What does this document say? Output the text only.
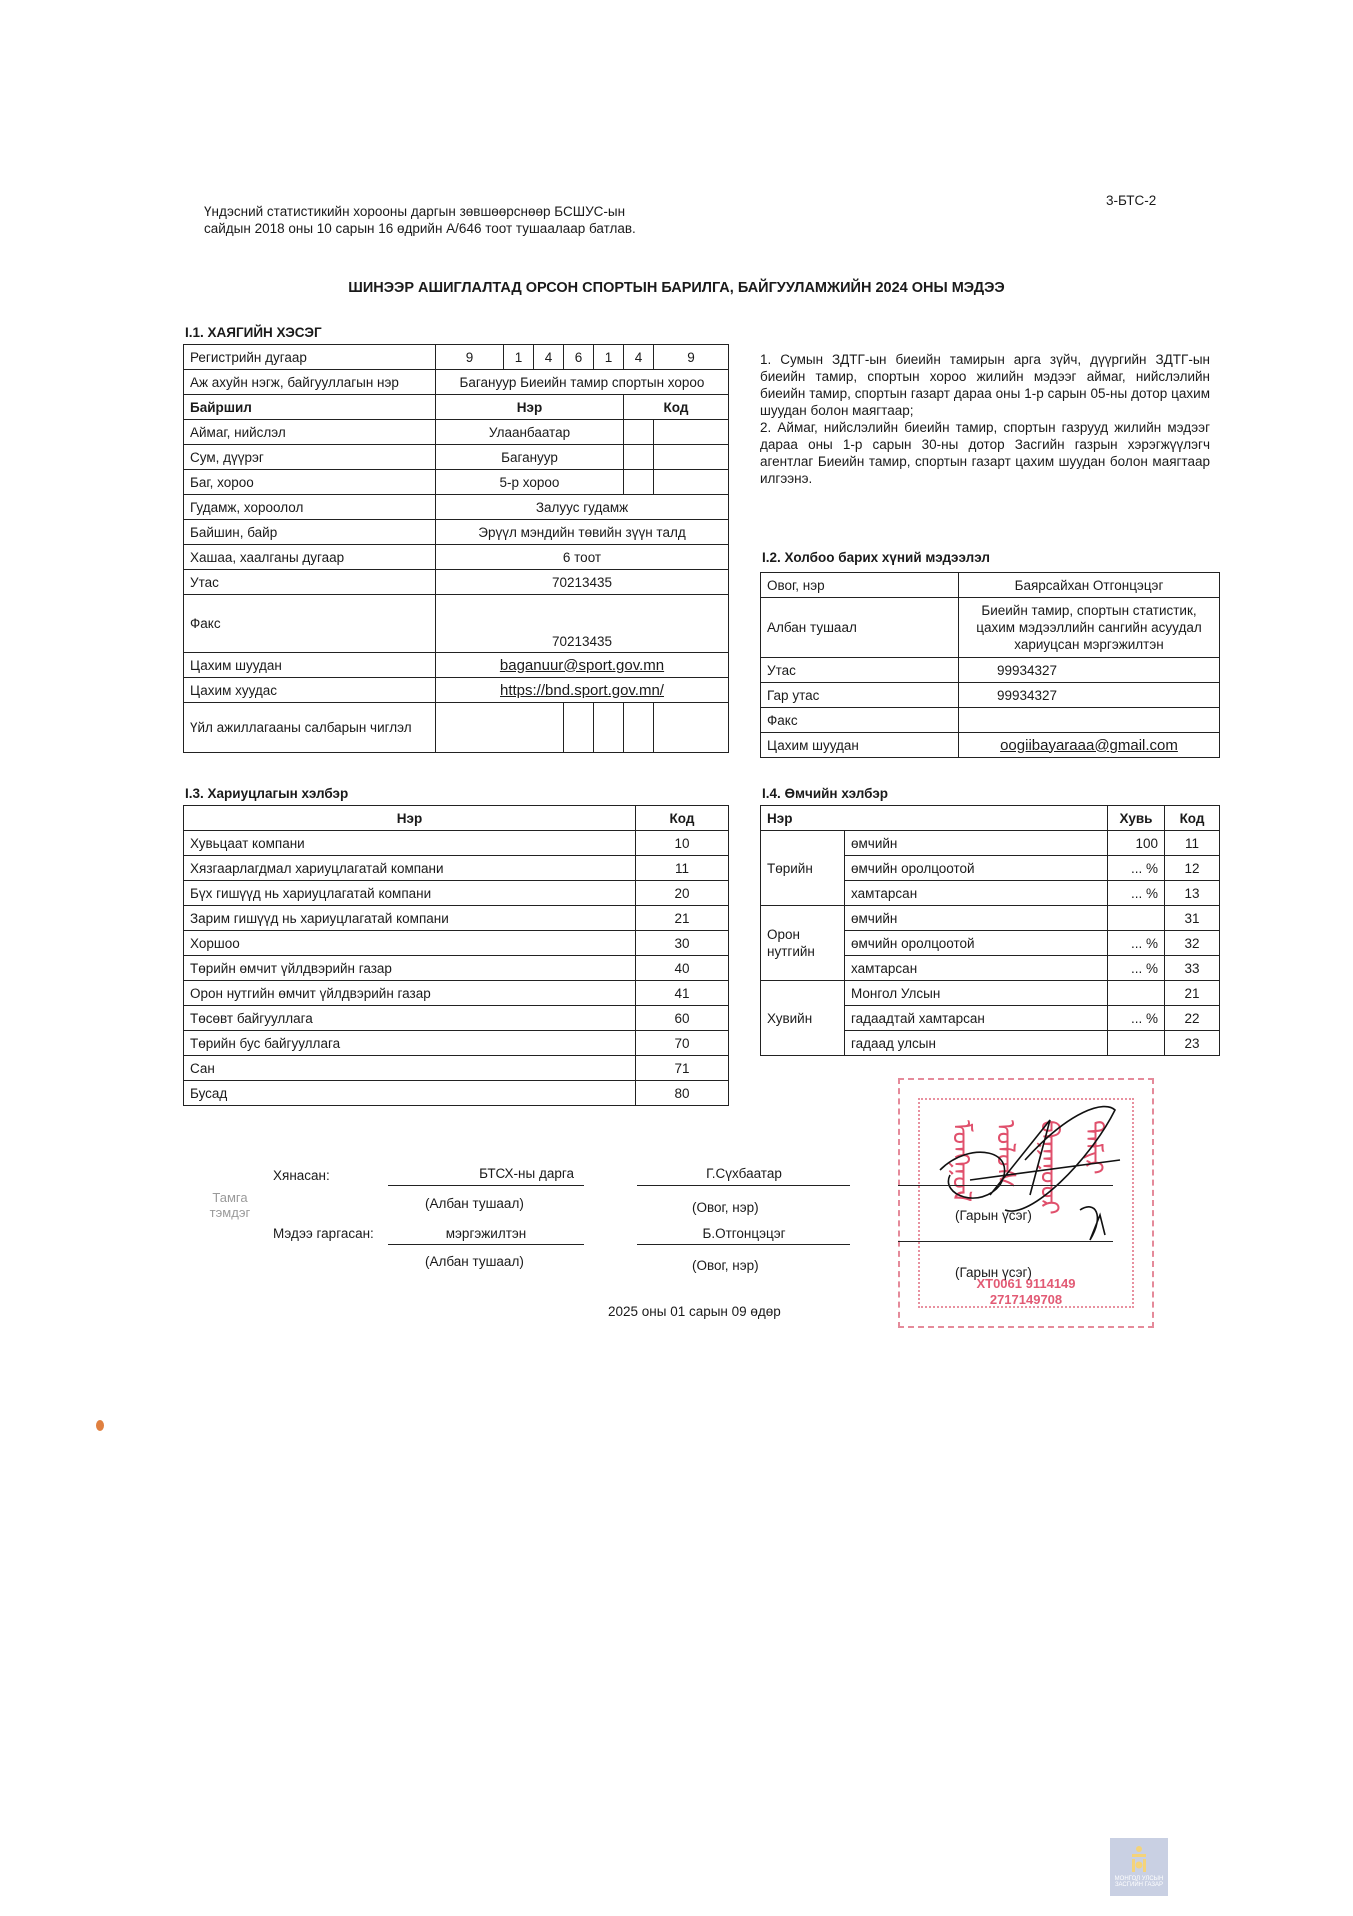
Үндэсний статистикийн хорооны даргын зөвшөөрснөөр БСШУС-ын сайдын 2018 оны 10 сарын 16 өдрийн А/646 тоот тушаалаар батлав.
3-БТС-2
ШИНЭЭР АШИГЛАЛТАД ОРСОН СПОРТЫН БАРИЛГА, БАЙГУУЛАМЖИЙН 2024 ОНЫ МЭДЭЭ
I.1. ХАЯГИЙН ХЭСЭГ
Регистрийн дугаар	9	1	4	6	1	4	9
Аж ахуйн нэгж, байгууллагын нэр	Багануур Биеийн тамир спортын хороо						
Байршил	Нэр					Код	
Аймаг, нийслэл	Улаанбаатар						
Сум, дүүрэг	Багануур						
Баг, хороо	5-р хороо						
Гудамж, хороолол	Залуус гудамж						
Байшин, байр	Эрүүл мэндийн төвийн зүүн талд						
Хашаа, хаалганы дугаар	6 тоот						
Утас	70213435						
Факс	70213435						
Цахим шуудан	baganuur@sport.gov.mn						
Цахим хуудас	https://bnd.sport.gov.mn/						
Үйл ажиллагааны салбарын чиглэл							
1. Сумын ЗДТГ-ын биеийн тамирын арга зүйч, дүүргийн ЗДТГ-ын биеийн тамир, спортын хороо жилийн мэдээг аймаг, нийслэлийн биеийн тамир, спортын газарт дараа оны 1-р сарын 05-ны дотор цахим шуудан болон маягтаар;
2. Аймаг, нийслэлийн биеийн тамир, спортын газрууд жилийн мэдээг дараа оны 1-р сарын 30-ны дотор Засгийн газрын хэрэгжүүлэгч агентлаг Биеийн тамир, спортын газарт цахим шуудан болон маягтаар илгээнэ.
I.2. Холбоо барих хүний мэдээлэл
Овог, нэр	Баярсайхан Отгонцэцэг
Албан тушаал	Биеийн тамир, спортын статистик, цахим мэдээллийн сангийн асуудал хариуцсан мэргэжилтэн
Утас	99934327
Гар утас	99934327
Факс	
Цахим шуудан	oogiibayaraaa@gmail.com
I.3. Хариуцлагын хэлбэр
Нэр	Код
Хувьцаат компани	10
Хязгаарлагдмал хариуцлагатай компани	11
Бүх гишүүд нь хариуцлагатай компани	20
Зарим гишүүд нь хариуцлагатай компани	21
Хоршоо	30
Төрийн өмчит үйлдвэрийн газар	40
Орон нутгийн өмчит үйлдвэрийн газар	41
Төсөвт байгууллага	60
Төрийн бус байгууллага	70
Сан	71
Бусад	80
I.4. Өмчийн хэлбэр
Нэр		Хувь	Код
Төрийн	өмчийн	100	11
	өмчийн оролцоотой	... %	12
	хамтарсан	... %	13
Орон нутгийн	өмчийн		31
	өмчийн оролцоотой	... %	32
	хамтарсан	... %	33
Хувийн	Монгол Улсын		21
	гадаадтай хамтарсан	... %	22
	гадаад улсын		23
ᠮᠣᠩᠭᠣᠯ ᠤᠯᠤᠰ ᠪᠠᠭᠠᠨᠤᠤᠷ ᠲᠠᠮᠢᠷ
ХТ0061 9114149
2717149708
Тамга тэмдэг
Хянасан:	БТСХ-ны дарга
(Албан тушаал)
Г.Сүхбаатар
(Овог, нэр)
(Гарын үсэг)
Мэдээ гаргасан:	мэргэжилтэн
(Албан тушаал)
Б.Отгонцэцэг
(Овог, нэр)	(Гарын үсэг)
2025 оны 01 сарын 09 өдөр
МОНГОЛ УЛСЫН
ЗАСГИЙН ГАЗАР
